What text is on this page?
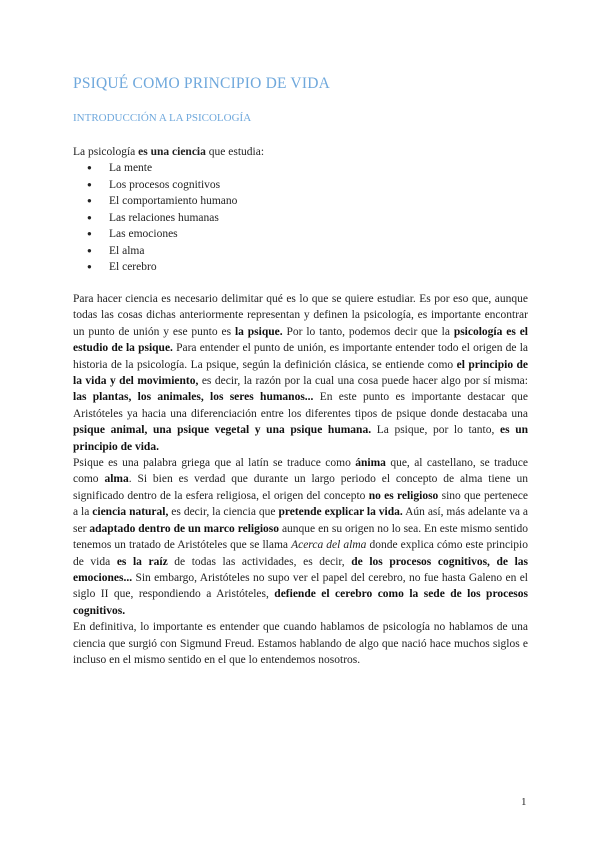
PSIQUÉ COMO PRINCIPIO DE VIDA
INTRODUCCIÓN A LA PSICOLOGÍA
La psicología es una ciencia que estudia:
● La mente
● Los procesos cognitivos
● El comportamiento humano
● Las relaciones humanas
● Las emociones
● El alma
● El cerebro

Para hacer ciencia es necesario delimitar qué es lo que se quiere estudiar. Es por eso que, aunque todas las cosas dichas anteriormente representan y definen la psicología, es importante encontrar un punto de unión y ese punto es la psique. Por lo tanto, podemos decir que la psicología es el estudio de la psique. Para entender el punto de unión, es importante entender todo el origen de la historia de la psicología. La psique, según la definición clásica, se entiende como el principio de la vida y del movimiento, es decir, la razón por la cual una cosa puede hacer algo por sí misma: las plantas, los animales, los seres humanos... En este punto es importante destacar que Aristóteles ya hacia una diferenciación entre los diferentes tipos de psique donde destacaba una psique animal, una psique vegetal y una psique humana. La psique, por lo tanto, es un principio de vida.

Psique es una palabra griega que al latín se traduce como ánima que, al castellano, se traduce como alma. Si bien es verdad que durante un largo periodo el concepto de alma tiene un significado dentro de la esfera religiosa, el origen del concepto no es religioso sino que pertenece a la ciencia natural, es decir, la ciencia que pretende explicar la vida. Aún así, más adelante va a ser adaptado dentro de un marco religioso aunque en su origen no lo sea. En este mismo sentido tenemos un tratado de Aristóteles que se llama Acerca del alma donde explica cómo este principio de vida es la raíz de todas las actividades, es decir, de los procesos cognitivos, de las emociones... Sin embargo, Aristóteles no supo ver el papel del cerebro, no fue hasta Galeno en el siglo II que, respondiendo a Aristóteles, defiende el cerebro como la sede de los procesos cognitivos.

En definitiva, lo importante es entender que cuando hablamos de psicología no hablamos de una ciencia que surgió con Sigmund Freud. Estamos hablando de algo que nació hace muchos siglos e incluso en el mismo sentido en el que lo entendemos nosotros.

1
